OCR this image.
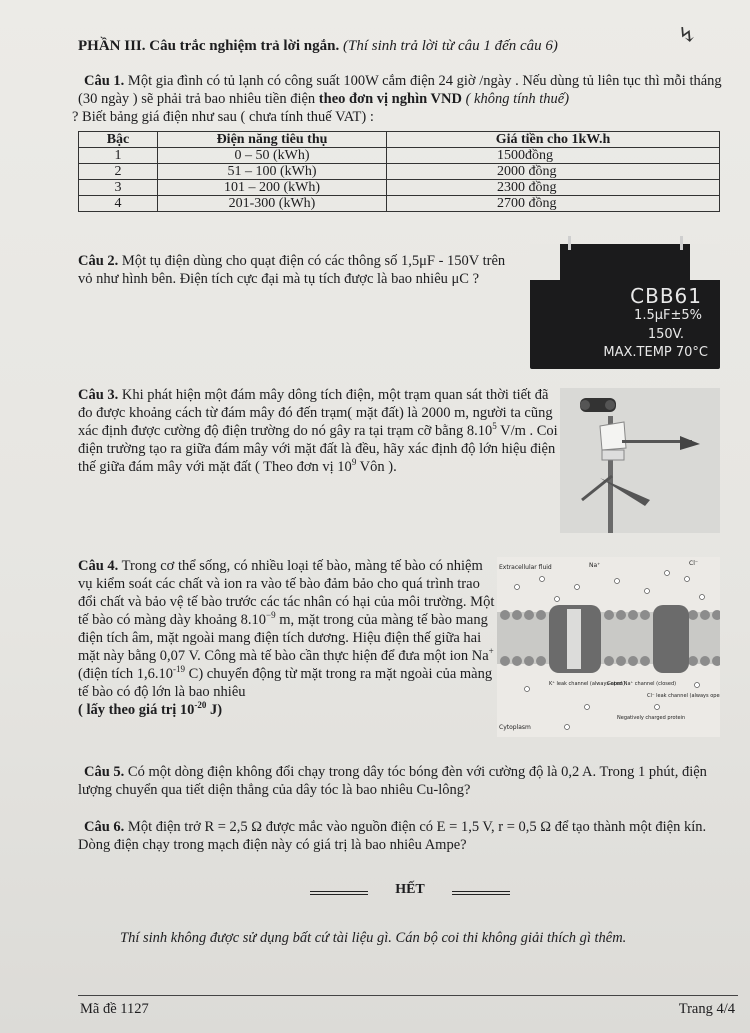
PHẦN III. Câu trắc nghiệm trả lời ngắn. (Thí sinh trả lời từ câu 1 đến câu 6)	↯
Câu 1. Một gia đình có tủ lạnh có công suất 100W cắm điện 24 giờ /ngày . Nếu dùng tủ liên tục thì mỗi tháng (30 ngày ) sẽ phải trả bao nhiêu tiền điện theo đơn vị nghìn VND ( không tính thuế)
? Biết bảng giá điện như sau ( chưa tính thuế VAT) :
Bậc	Điện năng tiêu thụ	Giá tiền cho 1kW.h
1	0 – 50 (kWh)	1500đồng
2	51 – 100 (kWh)	2000 đồng
3	101 – 200 (kWh)	2300 đồng
4	201-300 (kWh)	2700 đồng
Câu 2. Một tụ điện dùng cho quạt điện có các thông số 1,5μF - 150V trên vỏ như hình bên. Điện tích cực đại mà tụ tích được là bao nhiêu μC ?
CBB61
1.5μF±5%
150V.
MAX.TEMP 70°C
Câu 3. Khi phát hiện một đám mây dông tích điện, một trạm quan sát thời tiết đã đo được khoảng cách từ đám mây đó đến trạm( mặt đất) là 2000 m, người ta cũng xác định được cường độ điện trường do nó gây ra tại trạm cỡ bằng 8.10$^5$ V/m . Coi điện trường tạo ra giữa đám mây với mặt đất là đều, hãy xác định độ lớn hiệu điện thế giữa đám mây với mặt đất ( Theo đơn vị $10^9$ Vôn ).
Câu 4. Trong cơ thể sống, có nhiều loại tế bào, màng tế bào có nhiệm vụ kiểm soát các chất và ion ra vào tế bào đảm bảo cho quá trình trao đổi chất và bảo vệ tế bào trước các tác nhân có hại của môi trường. Một tế bào có màng dày khoảng $8.10^{-9}$ m, mặt trong của màng tế bào mang điện tích âm, mặt ngoài mang điện tích dương. Hiệu điện thế giữa hai mặt này bằng 0,07 V. Công mà tế bào cần thực hiện để đưa một ion Na+ (điện tích $1,6.10^{-19}$ C) chuyển động từ mặt trong ra mặt ngoài của màng tế bào có độ lớn là bao nhiêu
( lấy theo giá trị $10^{-20}$ J)
Extracellular fluid	Na⁺	Cl⁻
K⁺ leak channel (always open)
Gated Na⁺ channel (closed)
Cl⁻ leak channel (always open)
Cytoplasm
Negatively charged protein
Câu 5. Có một dòng điện không đổi chạy trong dây tóc bóng đèn với cường độ là 0,2 A. Trong 1 phút, điện lượng chuyển qua tiết diện thẳng của dây tóc là bao nhiêu Cu-lông?
Câu 6. Một điện trở R = 2,5 Ω được mắc vào nguồn điện có E = 1,5 V, r = 0,5 Ω để tạo thành một điện kín. Dòng điện chạy trong mạch điện này có giá trị là bao nhiêu Ampe?
HẾT
Thí sinh không được sử dụng bất cứ tài liệu gì. Cán bộ coi thi không giải thích gì thêm.
Mã đề 1127	Trang 4/4
